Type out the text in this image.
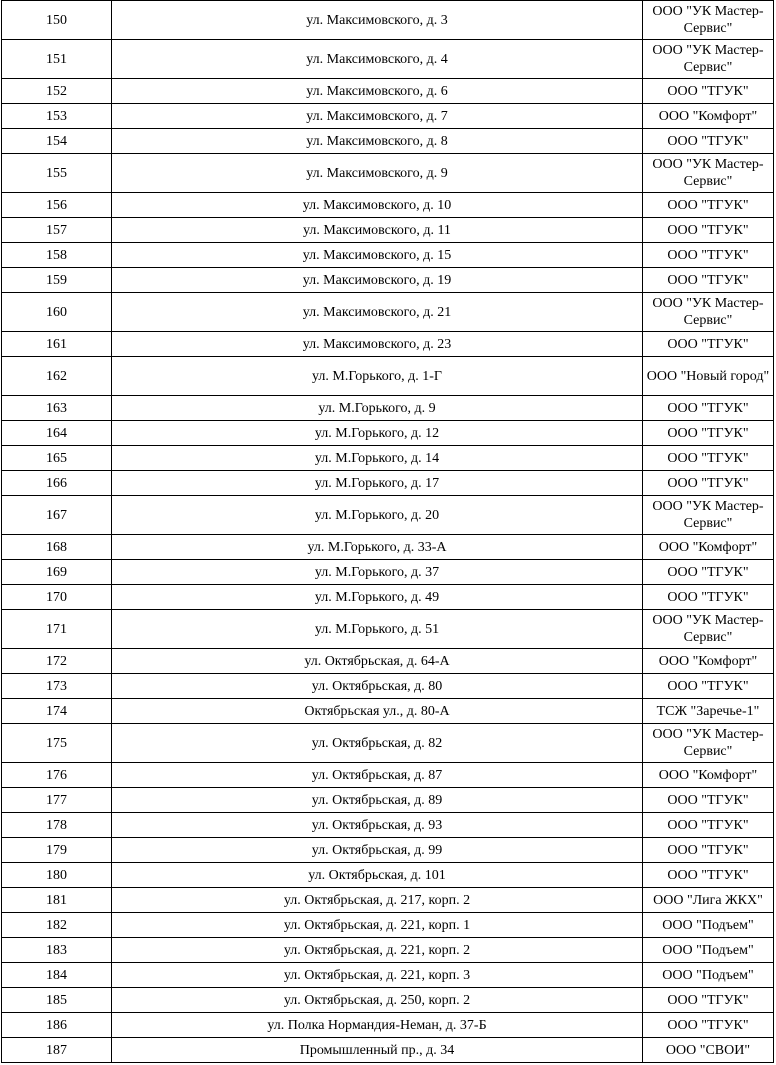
150	ул. Максимовского, д. 3	ООО "УК Мастер-Сервис"
151	ул. Максимовского, д. 4	ООО "УК Мастер-Сервис"
152	ул. Максимовского, д. 6	ООО "ТГУК"
153	ул. Максимовского, д. 7	ООО "Комфорт"
154	ул. Максимовского, д. 8	ООО "ТГУК"
155	ул. Максимовского, д. 9	ООО "УК Мастер-Сервис"
156	ул. Максимовского, д. 10	ООО "ТГУК"
157	ул. Максимовского, д. 11	ООО "ТГУК"
158	ул. Максимовского, д. 15	ООО "ТГУК"
159	ул. Максимовского, д. 19	ООО "ТГУК"
160	ул. Максимовского, д. 21	ООО "УК Мастер-Сервис"
161	ул. Максимовского, д. 23	ООО "ТГУК"
162	ул. М.Горького, д. 1-Г	ООО "Новый город"
163	ул. М.Горького, д. 9	ООО "ТГУК"
164	ул. М.Горького, д. 12	ООО "ТГУК"
165	ул. М.Горького, д. 14	ООО "ТГУК"
166	ул. М.Горького, д. 17	ООО "ТГУК"
167	ул. М.Горького, д. 20	ООО "УК Мастер-Сервис"
168	ул. М.Горького, д. 33-А	ООО "Комфорт"
169	ул. М.Горького, д. 37	ООО "ТГУК"
170	ул. М.Горького, д. 49	ООО "ТГУК"
171	ул. М.Горького, д. 51	ООО "УК Мастер-Сервис"
172	ул. Октябрьская, д. 64-А	ООО "Комфорт"
173	ул. Октябрьская, д. 80	ООО "ТГУК"
174	Октябрьская ул., д. 80-А	ТСЖ "Заречье-1"
175	ул. Октябрьская, д. 82	ООО "УК Мастер-Сервис"
176	ул. Октябрьская, д. 87	ООО "Комфорт"
177	ул. Октябрьская, д. 89	ООО "ТГУК"
178	ул. Октябрьская, д. 93	ООО "ТГУК"
179	ул. Октябрьская, д. 99	ООО "ТГУК"
180	ул. Октябрьская, д. 101	ООО "ТГУК"
181	ул. Октябрьская, д. 217, корп. 2	ООО "Лига ЖКХ"
182	ул. Октябрьская, д. 221, корп. 1	ООО "Подъем"
183	ул. Октябрьская, д. 221, корп. 2	ООО "Подъем"
184	ул. Октябрьская, д. 221, корп. 3	ООО "Подъем"
185	ул. Октябрьская, д. 250, корп. 2	ООО "ТГУК"
186	ул. Полка Нормандия-Неман, д. 37-Б	ООО "ТГУК"
187	Промышленный пр., д. 34	ООО "СВОИ"
